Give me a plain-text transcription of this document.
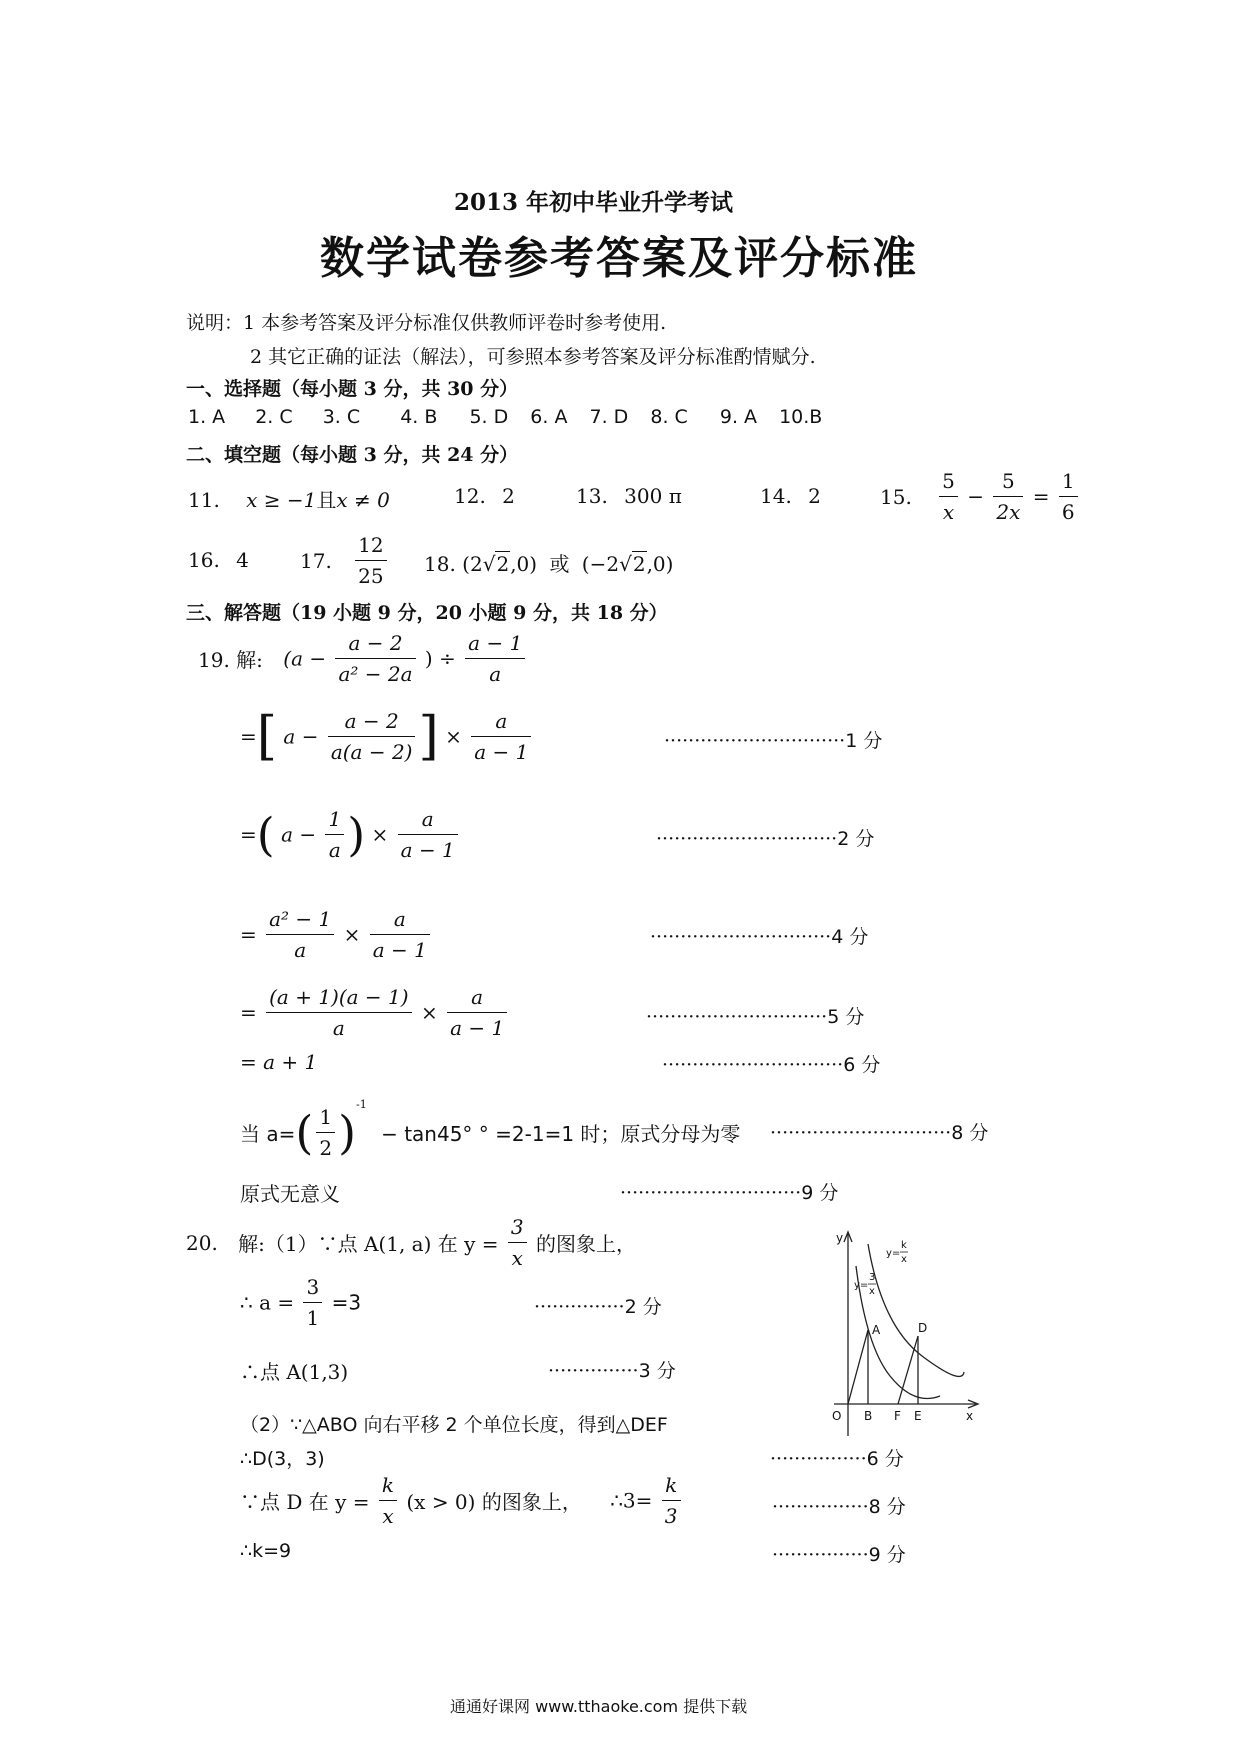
2013 年初中毕业升学考试
数学试卷参考答案及评分标准
说明：1 本参考答案及评分标准仅供教师评卷时参考使用.
2 其它正确的证法（解法），可参照本参考答案及评分标准酌情赋分.
一、选择题（每小题 3 分，共 30 分）
1. A 2. C 3. C 4. B 5. D 6. A 7. D 8. C 9. A 10.B
二、填空题（每小题 3 分，共 24 分）
11. x ≥ −1且x ≠ 0	12. 2	13. 300 π	14. 2	15. $\frac{5}{x} - \frac{5}{2x} = \frac{1}{6}$
16. 4	17. $\frac{12}{25} 18$. (2√2,0) 或 (−2√2,0)
三、解答题（19 小题 9 分，20 小题 9 分，共 18 分）
19. 解: ($a - \frac{a - 2}{\text{a² − 2a}}$ ) ÷ $\frac{a - 1}{a}$
=[ $a - \frac{a - 2}{a(a - 2)}$ ] × $\frac{a}{a - 1}$	······························1 分
=( $a - \frac{1}{a}$ ) × $\frac{a}{a - 1}$	······························2 分
= $\frac{\text{a² − 1}}{a} \times \frac{a}{a - 1}$	······························4 分
= $\frac{(a + 1)(a - 1)}{a} \times \frac{a}{a - 1}$	······························5 分
= a + 1	······························6 分
当 $a=( \frac{1}{2} )^{-1} - \tan 45^\circ$ ° =2-1=1 时；原式分母为零 ······························8 分
原式无意义	······························9 分
20. 解:（1）∵点 A(1, a) 在 $y = \frac{3}{x}$ 的图象上，
∴ $a = \frac{3}{1} =3$	···············2 分
∴点 A(1,3)	···············3 分
（2）∵△ABO 向右平移 2 个单位长度，得到△DEF
∴D(3，3)	················6 分
∵点 D 在 $y = \frac{k}{x} (x > 0)$ 的图象上， ∴3= $\frac{k}{3}$	················8 分
∴k=9	················9 分
y
x
O B F E
A	D
y=
k
x
y=
3
x
通通好课网 www.tthaoke.com 提供下载
